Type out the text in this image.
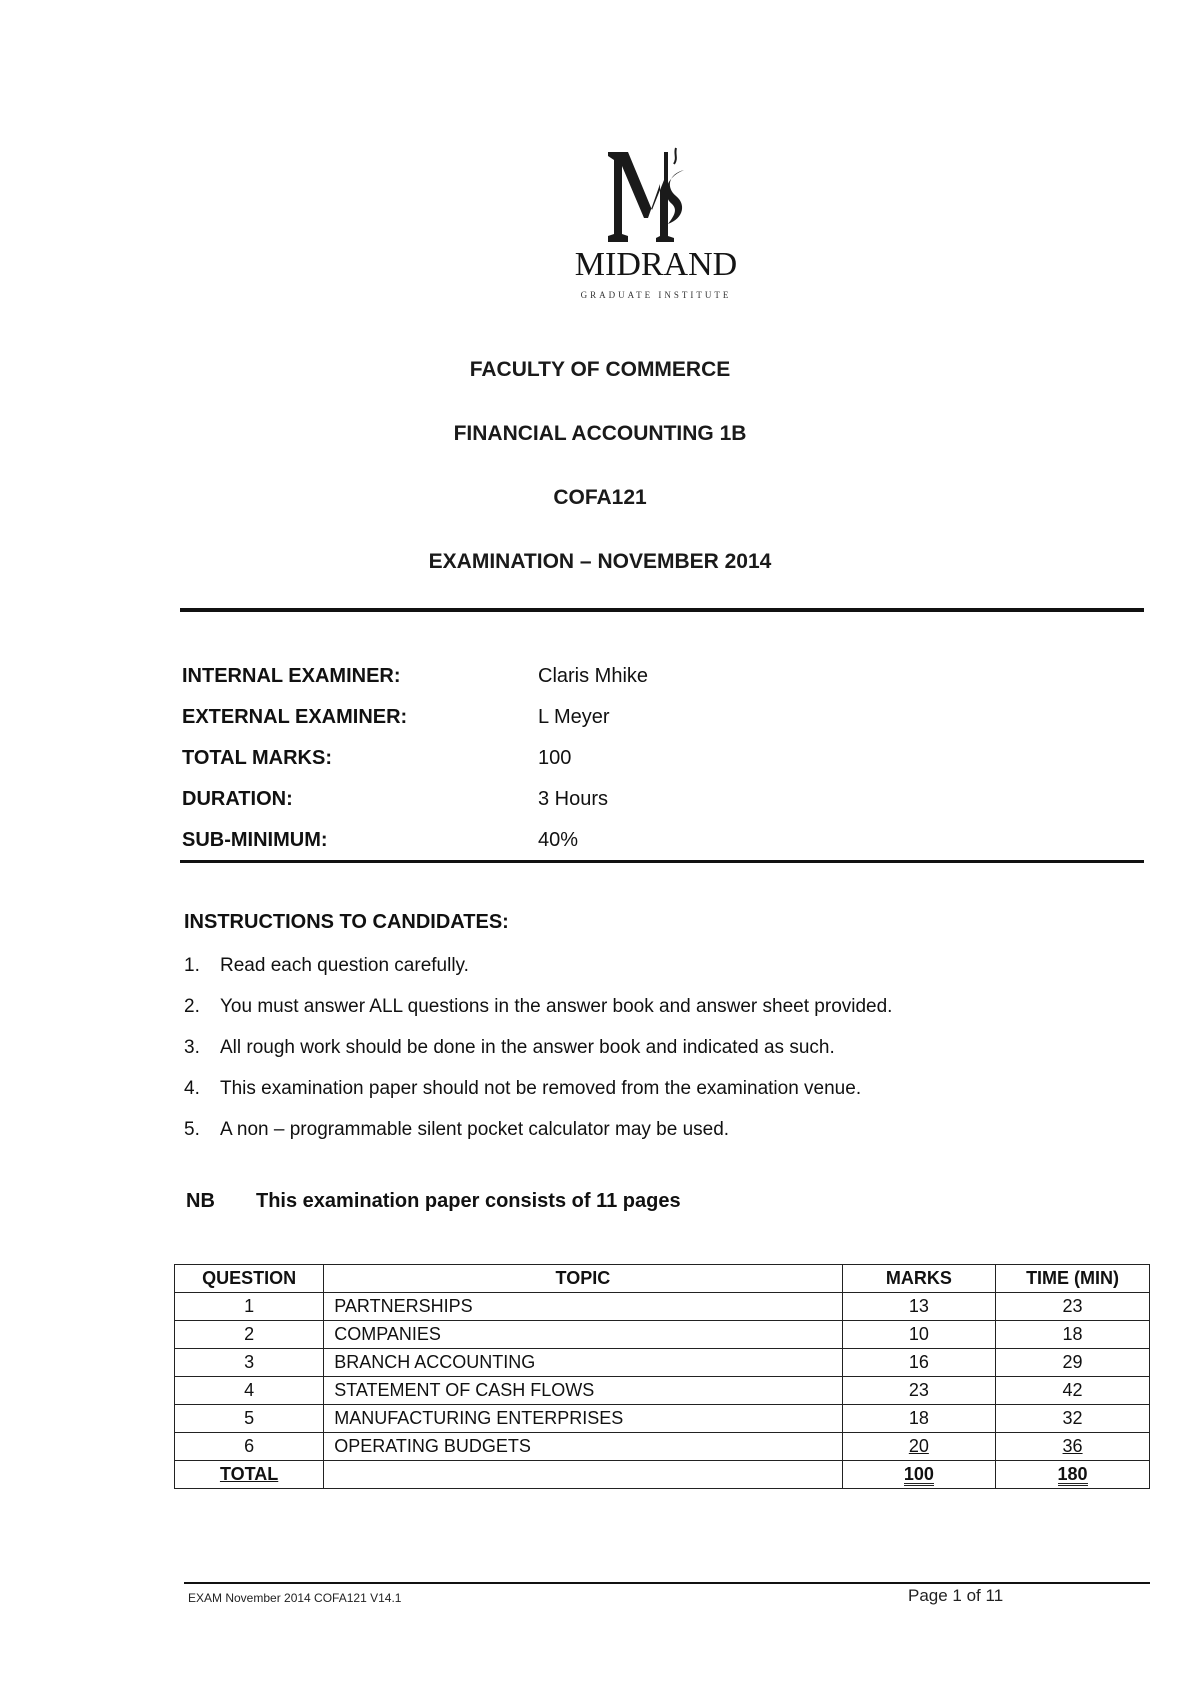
MIDRAND
GRADUATE INSTITUTE
FACULTY OF COMMERCE
FINANCIAL ACCOUNTING 1B
COFA121
EXAMINATION – NOVEMBER 2014
INTERNAL EXAMINER:	Claris Mhike
EXTERNAL EXAMINER:	L Meyer
TOTAL MARKS:	100
DURATION:	3 Hours
SUB-MINIMUM:	40%
INSTRUCTIONS TO CANDIDATES:
1.	Read each question carefully.
2.	You must answer ALL questions in the answer book and answer sheet provided.
3.	All rough work should be done in the answer book and indicated as such.
4.	This examination paper should not be removed from the examination venue.
5.	A non – programmable silent pocket calculator may be used.
NB	This examination paper consists of 11 pages
QUESTION	TOPIC	MARKS	TIME (MIN)
1	PARTNERSHIPS	13	23
2	COMPANIES	10	18
3	BRANCH ACCOUNTING	16	29
4	STATEMENT OF CASH FLOWS	23	42
5	MANUFACTURING ENTERPRISES	18	32
6	OPERATING BUDGETS	20	36
TOTAL		100	180
EXAM November 2014 COFA121 V14.1	Page 1 of 11
